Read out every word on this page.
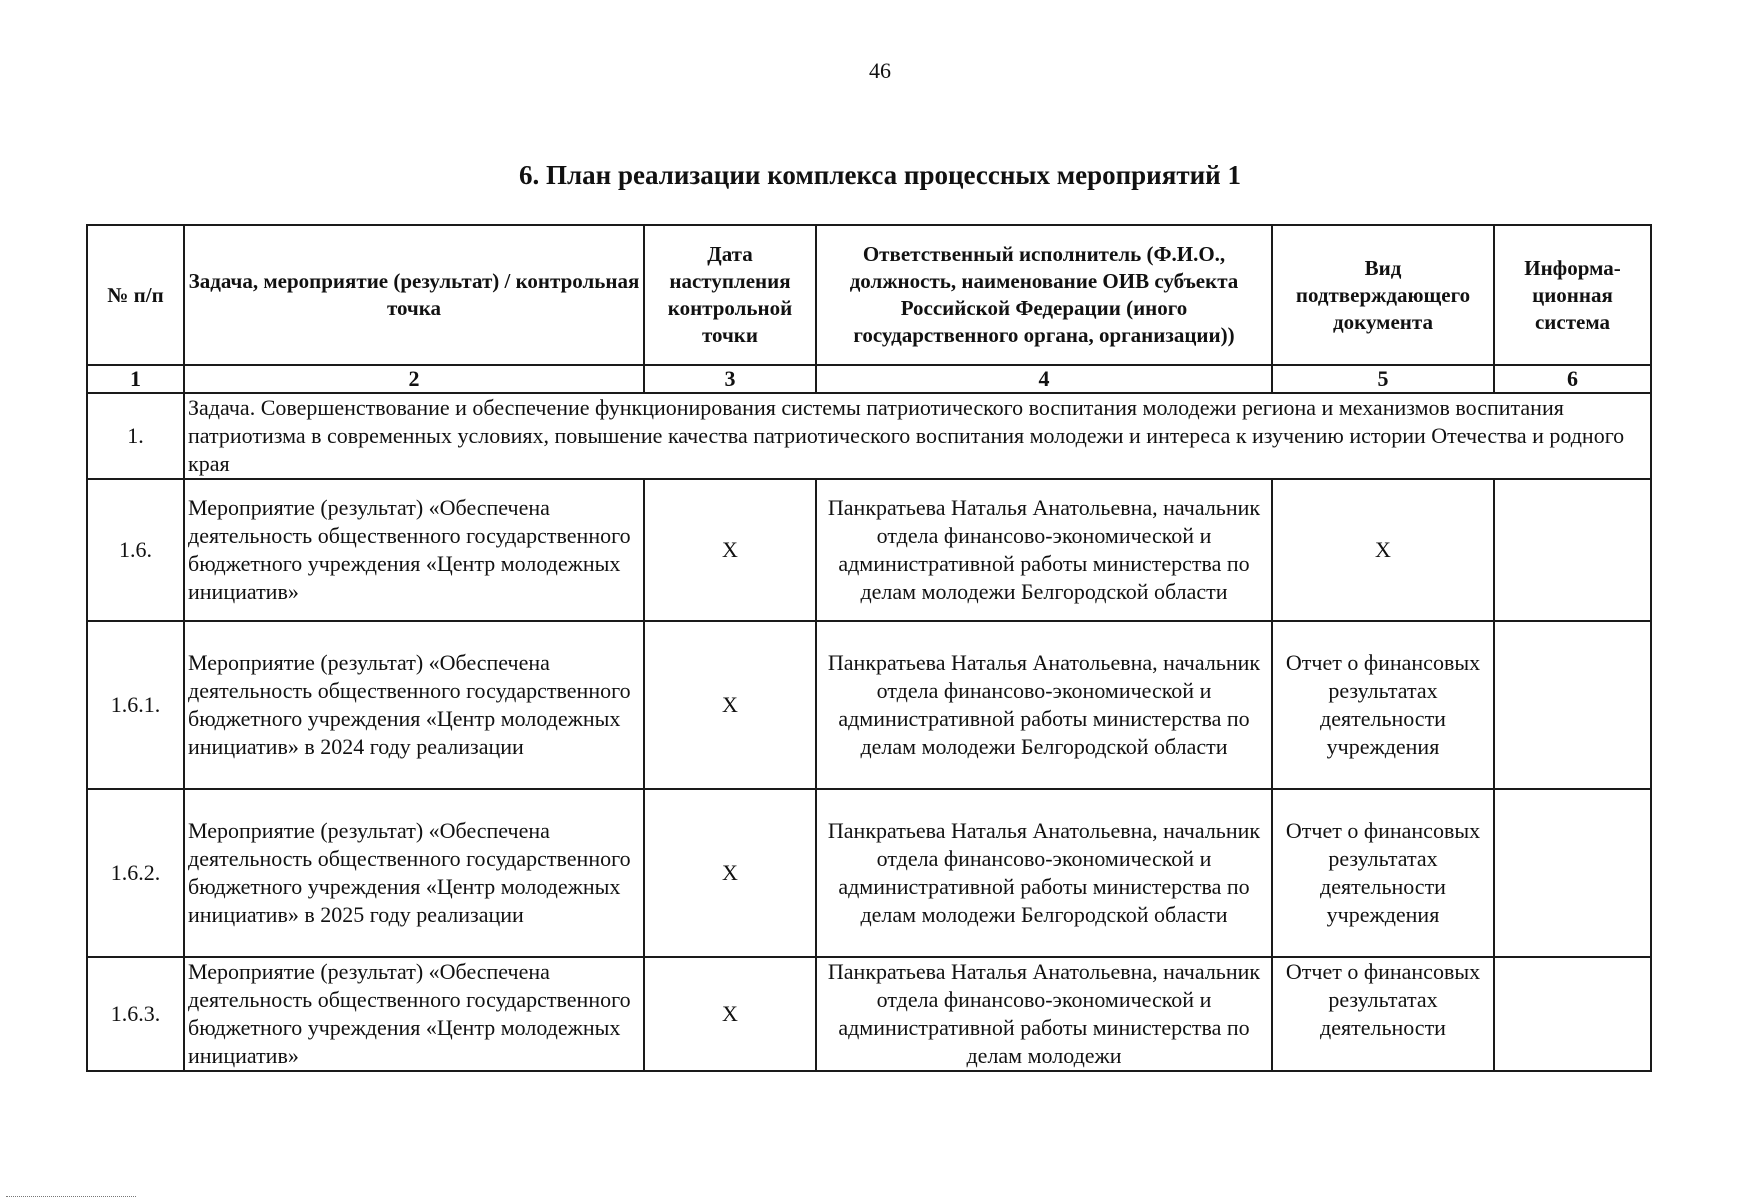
46
6. План реализации комплекса процессных мероприятий 1
№ п/п	Задача, мероприятие (результат) / контрольная точка	Дата наступления контрольной точки	Ответственный исполнитель (Ф.И.О., должность, наименование ОИВ субъекта Российской Федерации (иного государственного органа, организации))	Вид подтверждающего документа	Информа-ционная система
1	2	3	4	5	6
1.	Задача. Совершенствование и обеспечение функционирования системы патриотического воспитания молодежи региона и механизмов воспитания патриотизма в современных условиях, повышение качества патриотического воспитания молодежи и интереса к изучению истории Отечества и родного края				
1.6.	Мероприятие (результат) «Обеспечена деятельность общественного государственного бюджетного учреждения «Центр молодежных инициатив»	X	Панкратьева Наталья Анатольевна, начальник отдела финансово-экономической и административной работы министерства по делам молодежи Белгородской области	X	
1.6.1.	Мероприятие (результат) «Обеспечена деятельность общественного государственного бюджетного учреждения «Центр молодежных инициатив» в 2024 году реализации	X	Панкратьева Наталья Анатольевна, начальник отдела финансово-экономической и административной работы министерства по делам молодежи Белгородской области	Отчет о финансовых результатах деятельности учреждения	
1.6.2.	Мероприятие (результат) «Обеспечена деятельность общественного государственного бюджетного учреждения «Центр молодежных инициатив» в 2025 году реализации	X	Панкратьева Наталья Анатольевна, начальник отдела финансово-экономической и административной работы министерства по делам молодежи Белгородской области	Отчет о финансовых результатах деятельности учреждения	
1.6.3.	Мероприятие (результат) «Обеспечена деятельность общественного государственного бюджетного учреждения «Центр молодежных инициатив»	X	Панкратьева Наталья Анатольевна, начальник отдела финансово-экономической и административной работы министерства по делам молодежи	Отчет о финансовых результатах деятельности	
